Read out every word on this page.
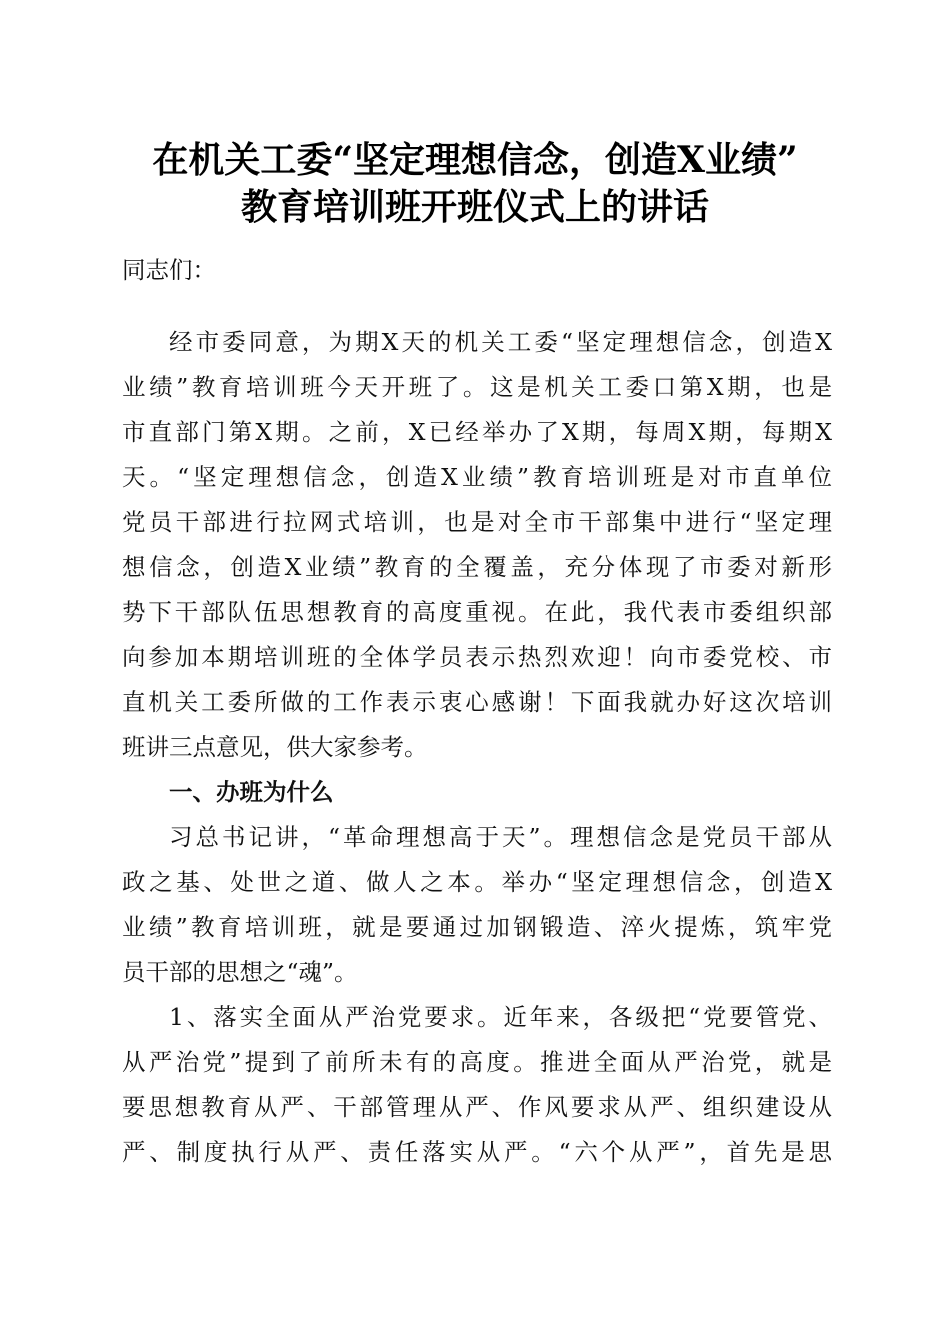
在机关工委“坚定理想信念，创造X业绩”
教育培训班开班仪式上的讲话
同志们：
经市委同意，为期X天的机关工委“坚定理想信念，创造X
业绩”教育培训班今天开班了。这是机关工委口第X期，也是
市直部门第X期。之前，X已经举办了X期，每周X期，每期X
天。“坚定理想信念，创造X业绩”教育培训班是对市直单位
党员干部进行拉网式培训，也是对全市干部集中进行“坚定理
想信念，创造X业绩”教育的全覆盖，充分体现了市委对新形
势下干部队伍思想教育的高度重视。在此，我代表市委组织部
向参加本期培训班的全体学员表示热烈欢迎！向市委党校、市
直机关工委所做的工作表示衷心感谢！下面我就办好这次培训
班讲三点意见，供大家参考。
一、办班为什么
习总书记讲，“革命理想高于天”。理想信念是党员干部从
政之基、处世之道、做人之本。举办“坚定理想信念，创造X
业绩”教育培训班，就是要通过加钢锻造、淬火提炼，筑牢党
员干部的思想之“魂”。
1、落实全面从严治党要求。近年来，各级把“党要管党、
从严治党”提到了前所未有的高度。推进全面从严治党，就是
要思想教育从严、干部管理从严、作风要求从严、组织建设从
严、制度执行从严、责任落实从严。“六个从严”，首先是思
